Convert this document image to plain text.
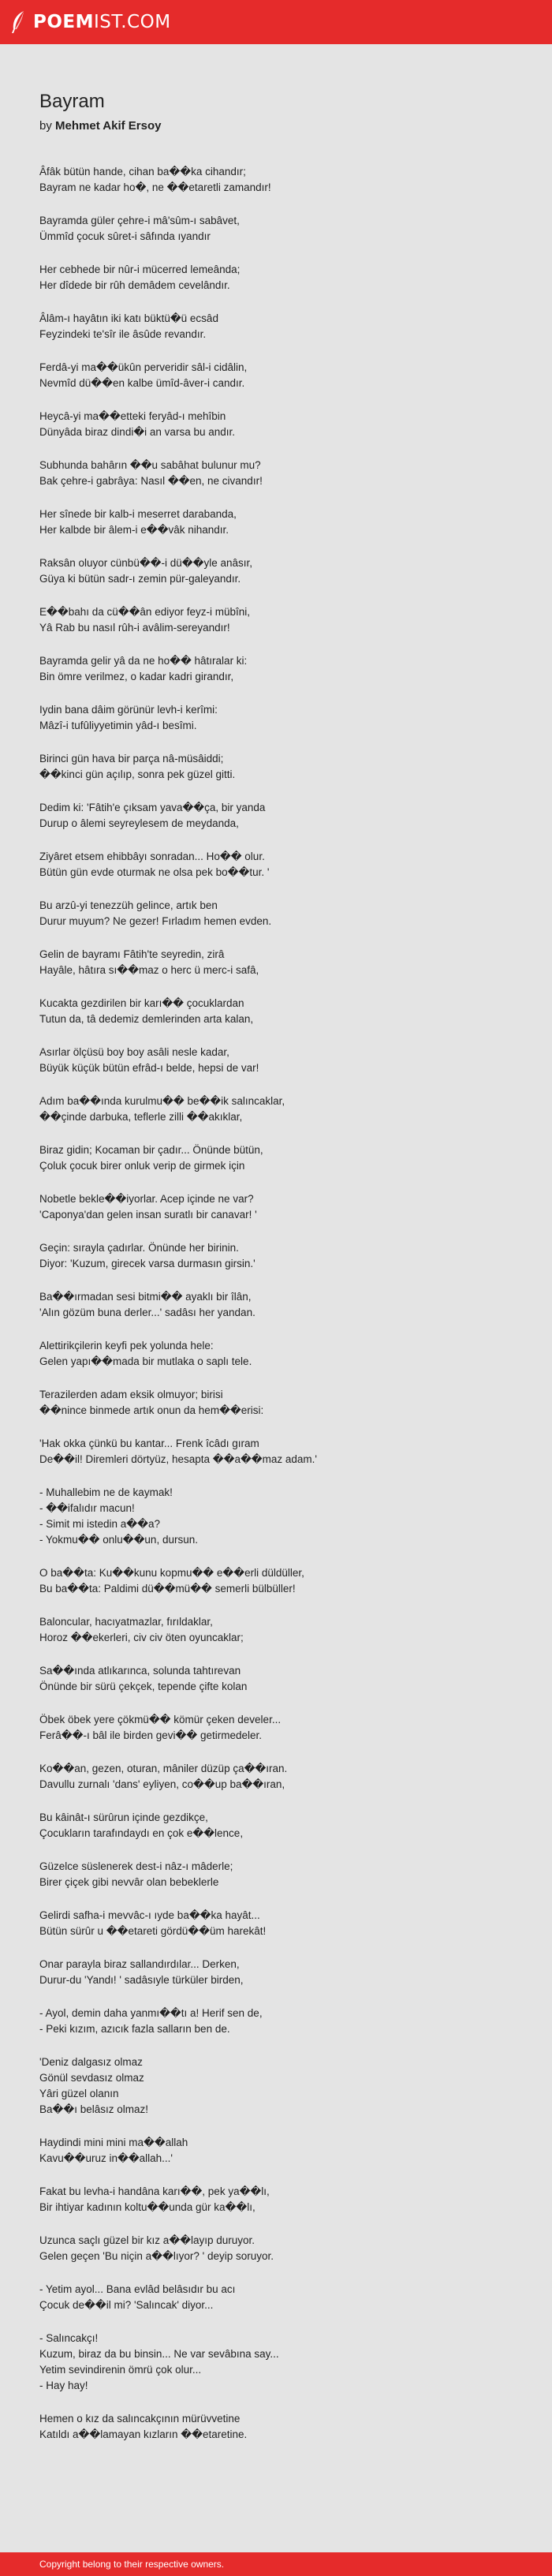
POEM IST.COM
Bayram
by Mehmet Akif Ersoy
Âfâk bütün hande, cihan ba��ka cihandır;
Bayram ne kadar ho�, ne ��etaretli zamandır!
Bayramda güler çehre-i mâ'sûm-ı sabâvet,
Ümmîd çocuk sûret-i sâfında ıyandır
Her cebhede bir nûr-i mücerred lemeânda;
Her dîdede bir rûh demâdem cevelândır.
Âlâm-ı hayâtın iki katı büktü�ü ecsâd
Feyzindeki te'sîr ile âsûde revandır.
Ferdâ-yi ma��ükûn perveridir sâl-i cidâlin,
Nevmîd dü��en kalbe ümîd-âver-i candır.
Heycâ-yi ma��etteki feryâd-ı mehîbin
Dünyâda biraz dindi�i an varsa bu andır.
Subhunda bahârın ��u sabâhat bulunur mu?
Bak çehre-i gabrâya: Nasıl ��en, ne civandır!
Her sînede bir kalb-i meserret darabanda,
Her kalbde bir âlem-i e��vâk nihandır.
Raksân oluyor cünbü��-i dü��yle anâsır,
Güya ki bütün sadr-ı zemin pür-galeyandır.
E��bahı da cü��ân ediyor feyz-i mübîni,
Yâ Rab bu nasıl rûh-i avâlim-sereyandır!
Bayramda gelir yâ da ne ho�� hâtıralar ki:
Bin ömre verilmez, o kadar kadri girandır,
Iydin bana dâim görünür levh-i kerîmi:
Mâzî-i tufûliyyetimin yâd-ı besîmi.
Birinci gün hava bir parça nâ-müsâiddi;
��kinci gün açılıp, sonra pek güzel gitti.
Dedim ki: 'Fâtih'e çıksam yava��ça, bir yanda
Durup o âlemi seyreylesem de meydanda,
Ziyâret etsem ehibbâyı sonradan... Ho�� olur.
Bütün gün evde oturmak ne olsa pek bo��tur. '
Bu arzû-yi tenezzüh gelince, artık ben
Durur muyum? Ne gezer! Fırladım hemen evden.
Gelin de bayramı Fâtih'te seyredin, zirâ
Hayâle, hâtıra sı��maz o herc ü merc-i safâ,
Kucakta gezdirilen bir karı�� çocuklardan
Tutun da, tâ dedemiz demlerinden arta kalan,
Asırlar ölçüsü boy boy asâli nesle kadar,
Büyük küçük bütün efrâd-ı belde, hepsi de var!
Adım ba��ında kurulmu�� be��ik salıncaklar,
��çinde darbuka, teflerle zilli ��akıklar,
Biraz gidin; Kocaman bir çadır... Önünde bütün,
Çoluk çocuk birer onluk verip de girmek için
Nobetle bekle��iyorlar. Acep içinde ne var?
'Caponya'dan gelen insan suratlı bir canavar! '
Geçin: sırayla çadırlar. Önünde her birinin.
Diyor: 'Kuzum, girecek varsa durmasın girsin.'
Ba��ırmadan sesi bitmi�� ayaklı bir îlân,
'Alın gözüm buna derler...' sadâsı her yandan.
Alettirikçilerin keyfi pek yolunda hele:
Gelen yapı��mada bir mutlaka o saplı tele.
Terazilerden adam eksik olmuyor; birisi
��nince binmede artık onun da hem��erisi:
'Hak okka çünkü bu kantar... Frenk îcâdı gıram
De��il! Diremleri dörtyüz, hesapta ��a��maz adam.'
- Muhallebim ne de kaymak!
- ��ifalıdır macun!
- Simit mi istedin a��a?
- Yokmu�� onlu��un, dursun.
O ba��ta: Ku��kunu kopmu�� e��erli düldüller,
Bu ba��ta: Paldimi dü��mü�� semerli bülbüller!
Baloncular, hacıyatmazlar, fırıldaklar,
Horoz ��ekerleri, civ civ öten oyuncaklar;
Sa��ında atlıkarınca, solunda tahtırevan
Önünde bir sürü çekçek, tepende çifte kolan
Öbek öbek yere çökmü�� kömür çeken develer...
Ferâ��-ı bâl ile birden gevi�� getirmedeler.
Ko��an, gezen, oturan, mâniler düzüp ça��ıran.
Davullu zurnalı 'dans' eyliyen, co��up ba��ıran,
Bu kâinât-ı sürûrun içinde gezdikçe,
Çocukların tarafındaydı en çok e��lence,
Güzelce süslenerek dest-i nâz-ı mâderle;
Birer çiçek gibi nevvâr olan bebeklerle
Gelirdi safha-i mevvâc-ı ıyde ba��ka hayât...
Bütün sürûr u ��etareti gördü��üm harekât!
Onar parayla biraz sallandırdılar... Derken,
Durur-du 'Yandı! ' sadâsıyle türküler birden,
- Ayol, demin daha yanmı��tı a! Herif sen de,
- Peki kızım, azıcık fazla salların ben de.
'Deniz dalgasız olmaz
Gönül sevdasız olmaz
Yâri güzel olanın
Ba��ı belâsız olmaz!
Haydindi mini mini ma��allah
Kavu��uruz in��allah...'
Fakat bu levha-i handâna karı��, pek ya��lı,
Bir ihtiyar kadının koltu��unda gür ka��lı,
Uzunca saçlı güzel bir kız a��layıp duruyor.
Gelen geçen 'Bu niçin a��lıyor? ' deyip soruyor.
- Yetim ayol... Bana evlâd belâsıdır bu acı
Çocuk de��il mi? 'Salıncak' diyor...
- Salıncakçı!
Kuzum, biraz da bu binsin... Ne var sevâbına say...
Yetim sevindirenin ömrü çok olur...
- Hay hay!
Hemen o kız da salıncakçının mürüvvetine
Katıldı a��lamayan kızların ��etaretine.
Copyright belong to their respective owners.
